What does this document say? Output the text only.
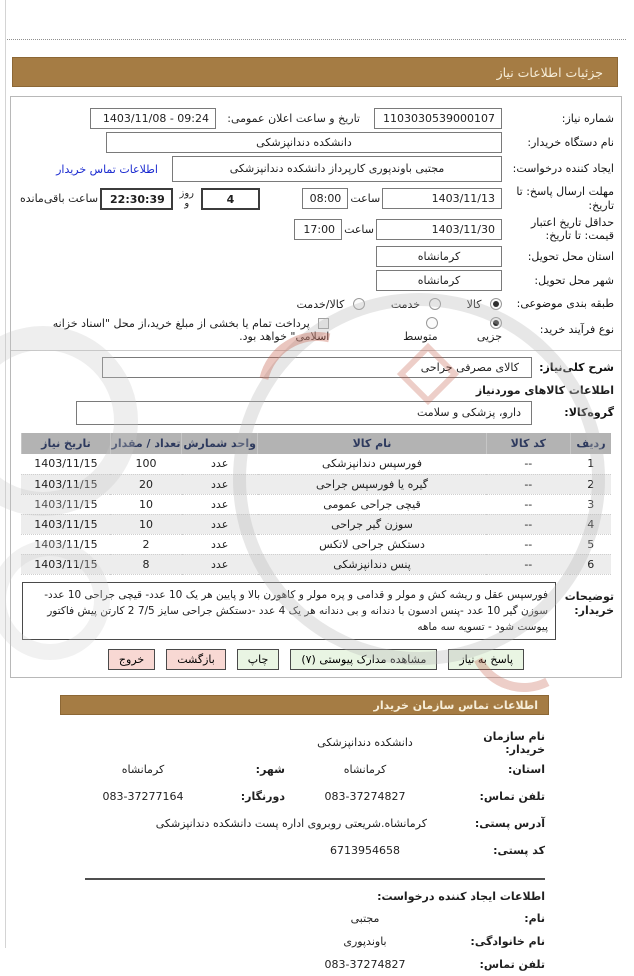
جزئیات اطلاعات نیاز
شماره نیاز:
1103030539000107
تاریخ و ساعت اعلان عمومی:
1403/11/08 - 09:24
نام دستگاه خریدار:
دانشکده دندانپزشکی
ایجاد کننده درخواست:
مجتبی باوندپوری کارپرداز دانشکده دندانپزشکی
اطلاعات تماس خریدار
مهلت ارسال پاسخ: تا تاریخ:
1403/11/13
ساعت
08:00
4
روز و
22:30:39
ساعت باقی‌مانده
حداقل تاریخ اعتبار قیمت: تا تاریخ:
1403/11/30
ساعت
17:00
استان محل تحویل:
کرمانشاه
شهر محل تحویل:
کرمانشاه
طبقه بندی موضوعی:
کالا
خدمت
کالا/خدمت
نوع فرآیند خرید:
جزیی
متوسط
پرداخت تمام یا بخشی از مبلغ خرید،از محل "اسناد خزانه اسلامی" خواهد بود.
شرح کلی‌نیاز:
کالای مصرفی جراحی
اطلاعات کالاهای موردنیاز
گروه‌کالا:
دارو، پزشکی و سلامت
ردیف	کد کالا	نام کالا	واحد شمارش	تعداد / مقدار	تاریخ نیاز
1	--	فورسپس دندانپزشکی	عدد	100	1403/11/15
2	--	گیره یا فورسپس جراحی	عدد	20	1403/11/15
3	--	قیچی جراحی عمومی	عدد	10	1403/11/15
4	--	سوزن گیر جراحی	عدد	10	1403/11/15
5	--	دستکش جراحی لاتکس	عدد	2	1403/11/15
6	--	پنس دندانپزشکی	عدد	8	1403/11/15
توضیحات خریدار:
فورسپس عقل و ریشه کش و مولر و قدامی و پره مولر و کاهورن بالا و پایین هر یک 10 عدد- قیچی جراحی 10 عدد- سوزن گیر 10 عدد -پنس ادسون با دندانه و بی دندانه هر یک 4 عدد -دستکش جراحی سایز 7/5 2 کارتن پیش فاکتور پیوست شود - تسویه سه ماهه
پاسخ به نیاز
مشاهده مدارک پیوستی (۷)
چاپ
بازگشت
خروج
اطلاعات تماس سازمان خریدار
نام سازمان خریدار:
دانشکده دندانپزشکی
استان:
کرمانشاه
شهر:
کرمانشاه
تلفن تماس:
083-37274827
دورنگار:
083-37277164
آدرس پستی:
کرمانشاه.شریعتی روبروی اداره پست دانشکده دندانپزشکی
کد پستی:
6713954658
اطلاعات ایجاد کننده درخواست:
نام:
مجتبی
نام خانوادگی:
باوندپوری
تلفن تماس:
083-37274827
